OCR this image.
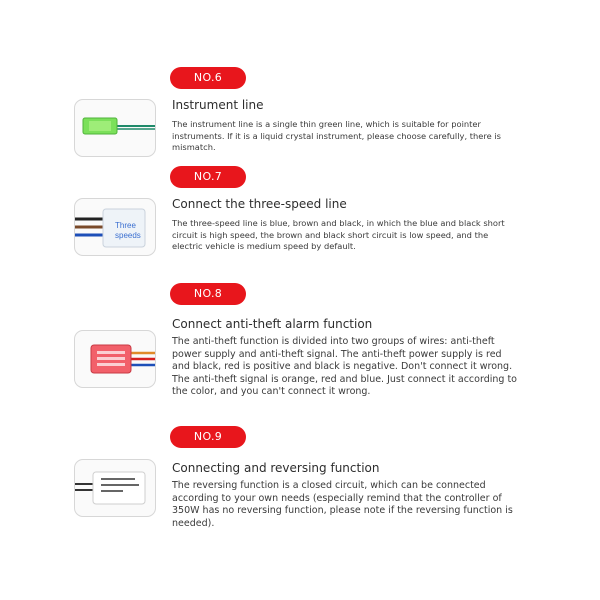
NO.6
Instrument line
The instrument line is a single thin green line, which is suitable for pointer instruments. If it is a liquid crystal instrument, please choose carefully, there is mismatch.
NO.7
Three speeds
Connect the three-speed line
The three-speed line is blue, brown and black, in which the blue and black short circuit is high speed, the brown and black short circuit is low speed, and the electric vehicle is medium speed by default.
NO.8
Connect anti-theft alarm function
The anti-theft function is divided into two groups of wires: anti-theft power supply and anti-theft signal. The anti-theft power supply is red and black, red is positive and black is negative. Don't connect it wrong. The anti-theft signal is orange, red and blue. Just connect it according to the color, and you can't connect it wrong.
NO.9
Connecting and reversing function
The reversing function is a closed circuit, which can be connected according to your own needs (especially remind that the controller of 350W has no reversing function, please note if the reversing function is needed).
